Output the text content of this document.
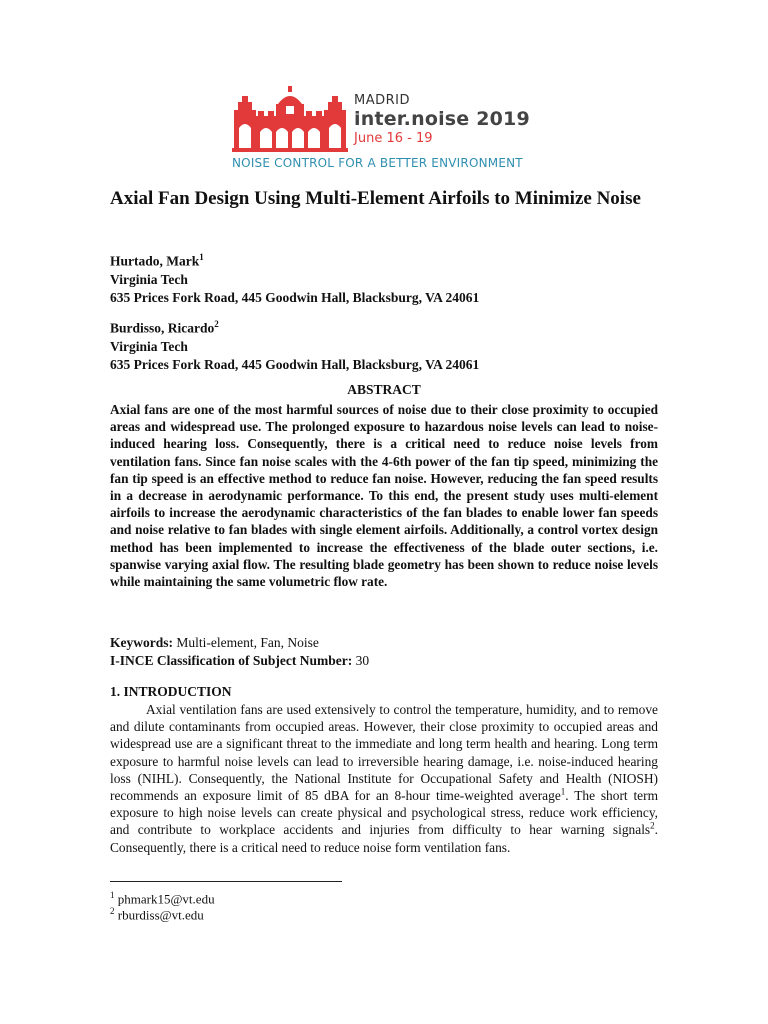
MADRID
inter.noise 2019
June 16 - 19
NOISE CONTROL FOR A BETTER ENVIRONMENT
Axial Fan Design Using Multi-Element Airfoils to Minimize Noise
Hurtado, Mark$^1$
Virginia Tech
635 Prices Fork Road, 445 Goodwin Hall, Blacksburg, VA 24061
Burdisso, Ricardo$^2$
Virginia Tech
635 Prices Fork Road, 445 Goodwin Hall, Blacksburg, VA 24061
ABSTRACT
Axial fans are one of the most harmful sources of noise due to their close proximity to occupied areas and widespread use. The prolonged exposure to hazardous noise levels can lead to noise-induced hearing loss. Consequently, there is a critical need to reduce noise levels from ventilation fans. Since fan noise scales with the 4-6th power of the fan tip speed, minimizing the fan tip speed is an effective method to reduce fan noise. However, reducing the fan speed results in a decrease in aerodynamic performance. To this end, the present study uses multi-element airfoils to increase the aerodynamic characteristics of the fan blades to enable lower fan speeds and noise relative to fan blades with single element airfoils. Additionally, a control vortex design method has been implemented to increase the effectiveness of the blade outer sections, i.e. spanwise varying axial flow. The resulting blade geometry has been shown to reduce noise levels while maintaining the same volumetric flow rate.
Keywords: Multi-element, Fan, Noise
I-INCE Classification of Subject Number: 30
1. INTRODUCTION
Axial ventilation fans are used extensively to control the temperature, humidity, and to remove and dilute contaminants from occupied areas. However, their close proximity to occupied areas and widespread use are a significant threat to the immediate and long term health and hearing. Long term exposure to harmful noise levels can lead to irreversible hearing damage, i.e. noise-induced hearing loss (NIHL). Consequently, the National Institute for Occupational Safety and Health (NIOSH) recommends an exposure limit of 85 dBA for an 8-hour time-weighted average$^1$. The short term exposure to high noise levels can create physical and psychological stress, reduce work efficiency, and contribute to workplace accidents and injuries from difficulty to hear warning signals$^2$. Consequently, there is a critical need to reduce noise form ventilation fans.
$^1$ phmark15@vt.edu
$^2$ rburdiss@vt.edu
